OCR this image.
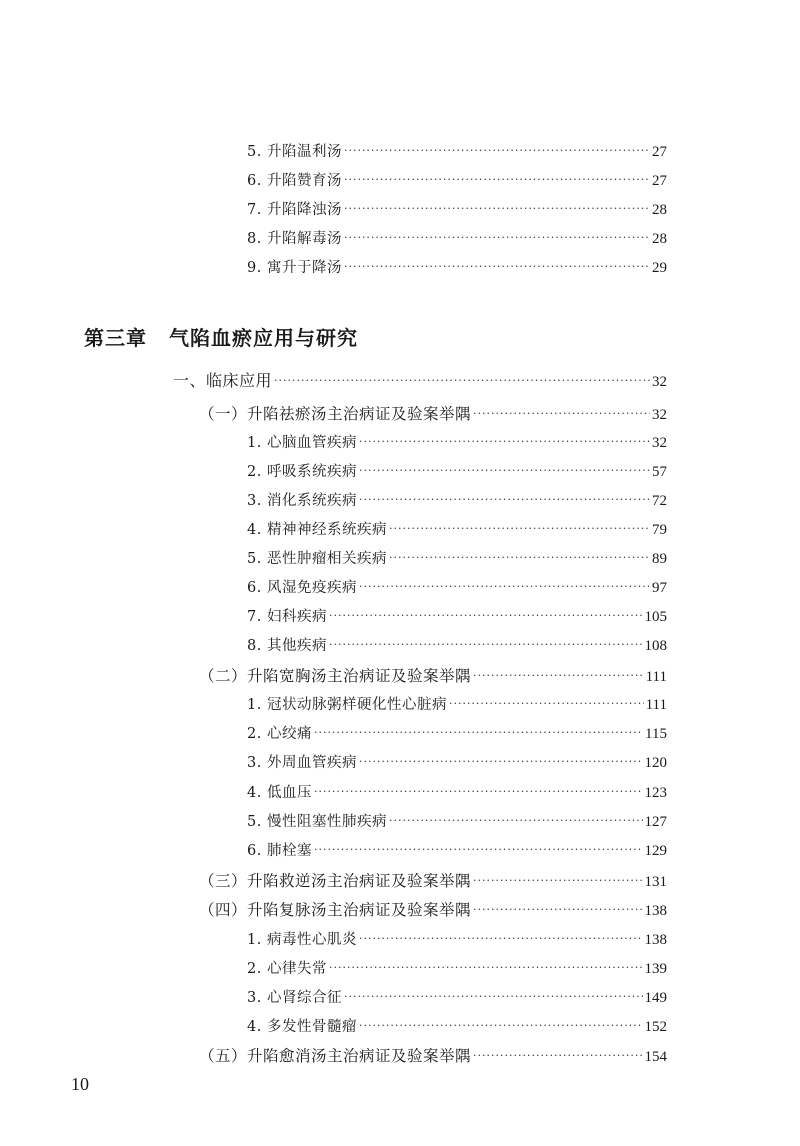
5. 升陷温利汤 ·····	27
6. 升陷赞育汤 ·····	27
7. 升陷降浊汤 ·····	28
8. 升陷解毒汤 ·····	28
9. 寓升于降汤 ·····	29
第三章 气陷血瘀应用与研究
一、临床应用 ·····	32
（一）升陷祛瘀汤主治病证及验案举隅 ·····	32
1. 心脑血管疾病 ·····	32
2. 呼吸系统疾病 ·····	57
3. 消化系统疾病 ·····	72
4. 精神神经系统疾病 ·····	79
5. 恶性肿瘤相关疾病 ·····	89
6. 风湿免疫疾病 ·····	97
7. 妇科疾病 ·····	105
8. 其他疾病 ·····	108
（二）升陷宽胸汤主治病证及验案举隅 ·····	111
1. 冠状动脉粥样硬化性心脏病 ·····	111
2. 心绞痛 ·····	115
3. 外周血管疾病 ·····	120
4. 低血压 ·····	123
5. 慢性阻塞性肺疾病 ·····	127
6. 肺栓塞 ·····	129
（三）升陷救逆汤主治病证及验案举隅 ·····	131
（四）升陷复脉汤主治病证及验案举隅 ·····	138
1. 病毒性心肌炎 ·····	138
2. 心律失常 ·····	139
3. 心肾综合征 ·····	149
4. 多发性骨髓瘤 ·····	152
（五）升陷愈消汤主治病证及验案举隅 ·····	154
10
